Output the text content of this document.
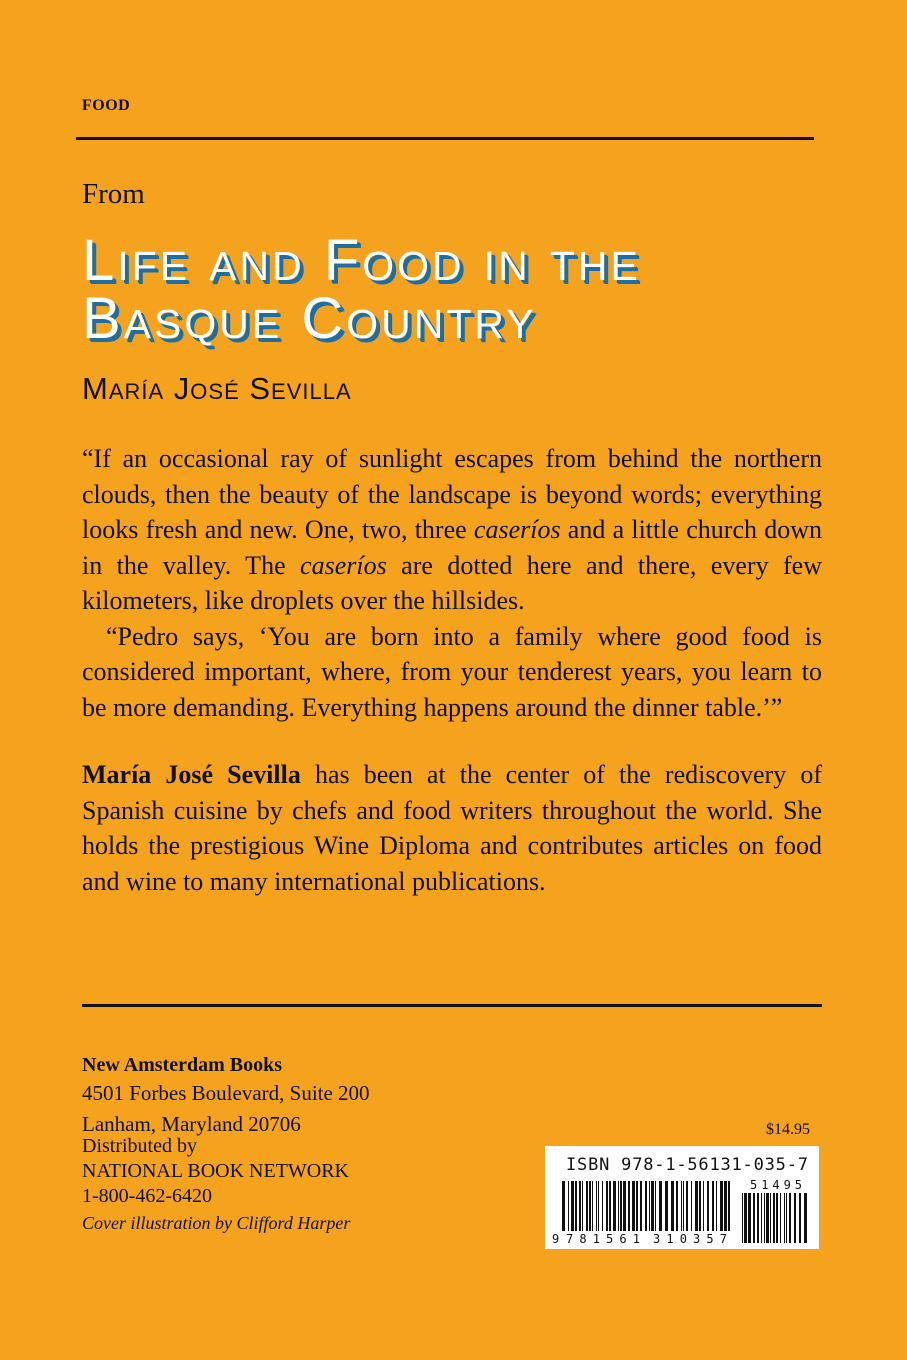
FOOD
From
Life and Food in the
Basque Country
María José Sevilla

“If an occasional ray of sunlight escapes from behind the northern clouds, then the beauty of the landscape is beyond words; everything looks fresh and new. One, two, three caseríos and a little church down in the valley. The caseríos are dotted here and there, every few kilometers, like droplets over the hillsides.

“Pedro says, ‘You are born into a family where good food is considered important, where, from your tenderest years, you learn to be more demanding. Everything happens around the dinner table.’”

María José Sevilla has been at the center of the rediscovery of Spanish cuisine by chefs and food writers throughout the world. She holds the prestigious Wine Diploma and contributes articles on food and wine to many international publications.

New Amsterdam Books
4501 Forbes Boulevard, Suite 200
Lanham, Maryland 20706
Distributed by
NATIONAL BOOK NETWORK
1-800-462-6420
Cover illustration by Clifford Harper
$14.95
ISBN 978-1-56131-035-7
9 781561 310357
51495
